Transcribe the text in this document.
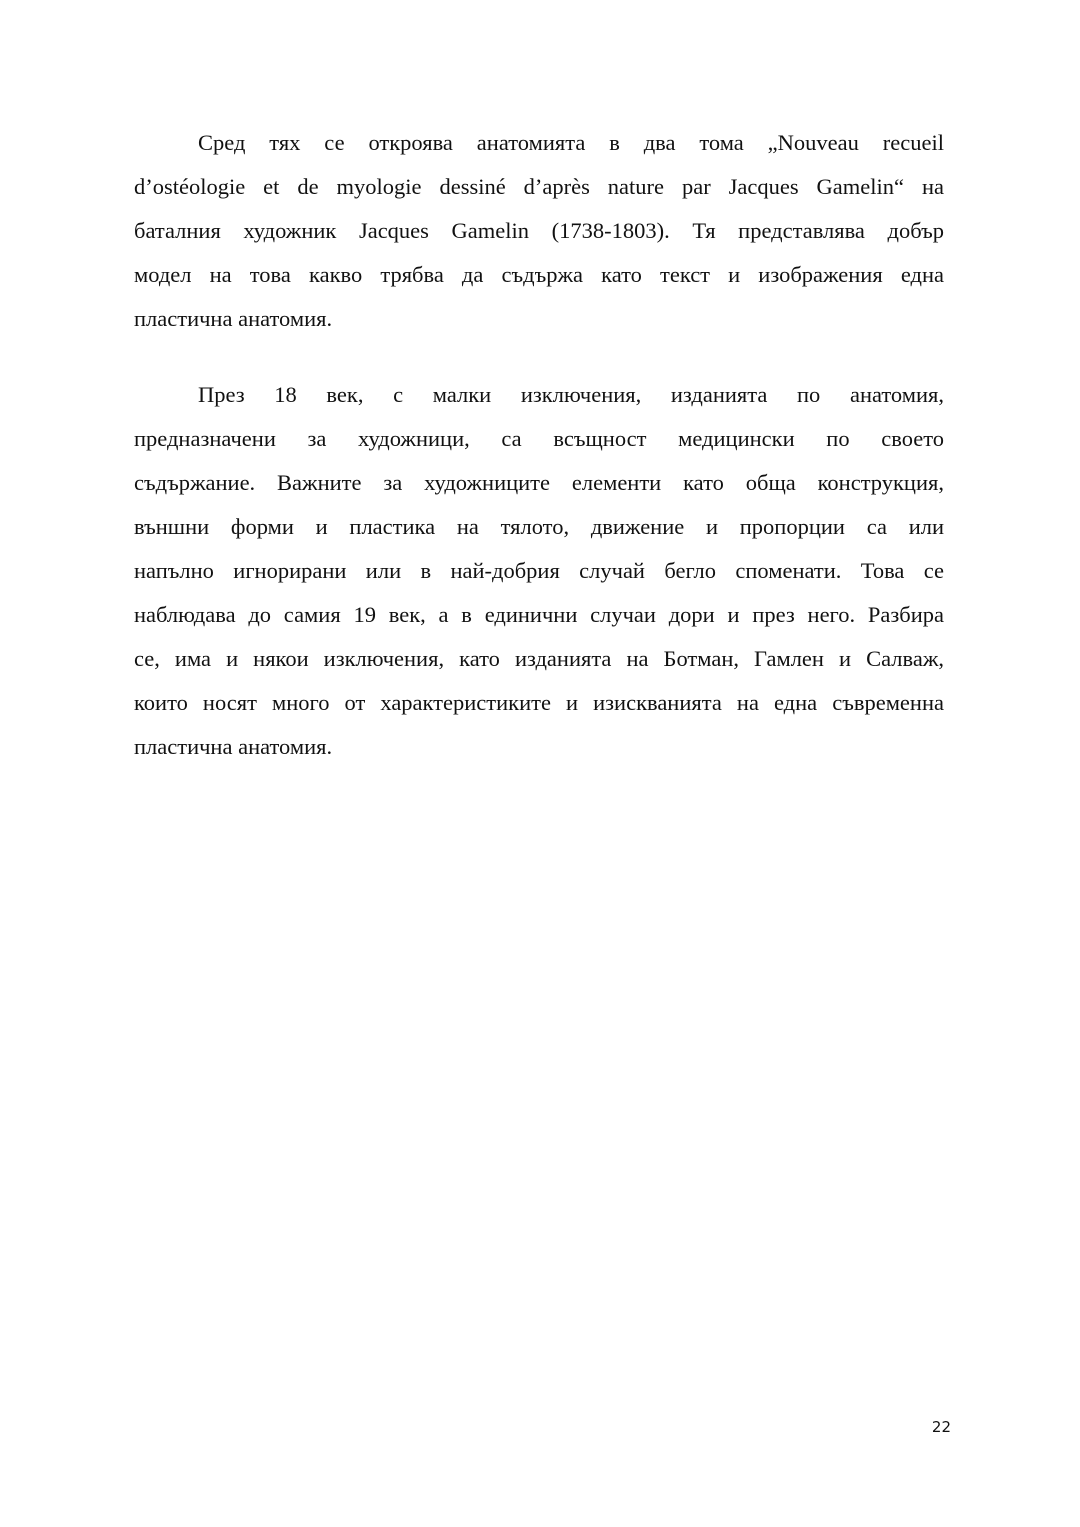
Сред тях се откроява анатомията в два тома „Nouveau recueil
d’ostéologie et de myologie dessiné d’après nature par Jacques Gamelin“ на
баталния художник Jacques Gamelin (1738-1803). Тя представлява добър
модел на това какво трябва да съдържа като текст и изображения една
пластична анатомия.
През 18 век, с малки изключения, изданията по анатомия,
предназначени за художници, са всъщност медицински по своето
съдържание. Важните за художниците елементи като обща конструкция,
външни форми и пластика на тялото, движение и пропорции са или
напълно игнорирани или в най-добрия случай бегло споменати. Това се
наблюдава до самия 19 век, а в единични случаи дори и през него. Разбира
се, има и някои изключения, като изданията на Ботман, Гамлен и Салваж,
които носят много от характеристиките и изискванията на една съвременна
пластична анатомия.
22
